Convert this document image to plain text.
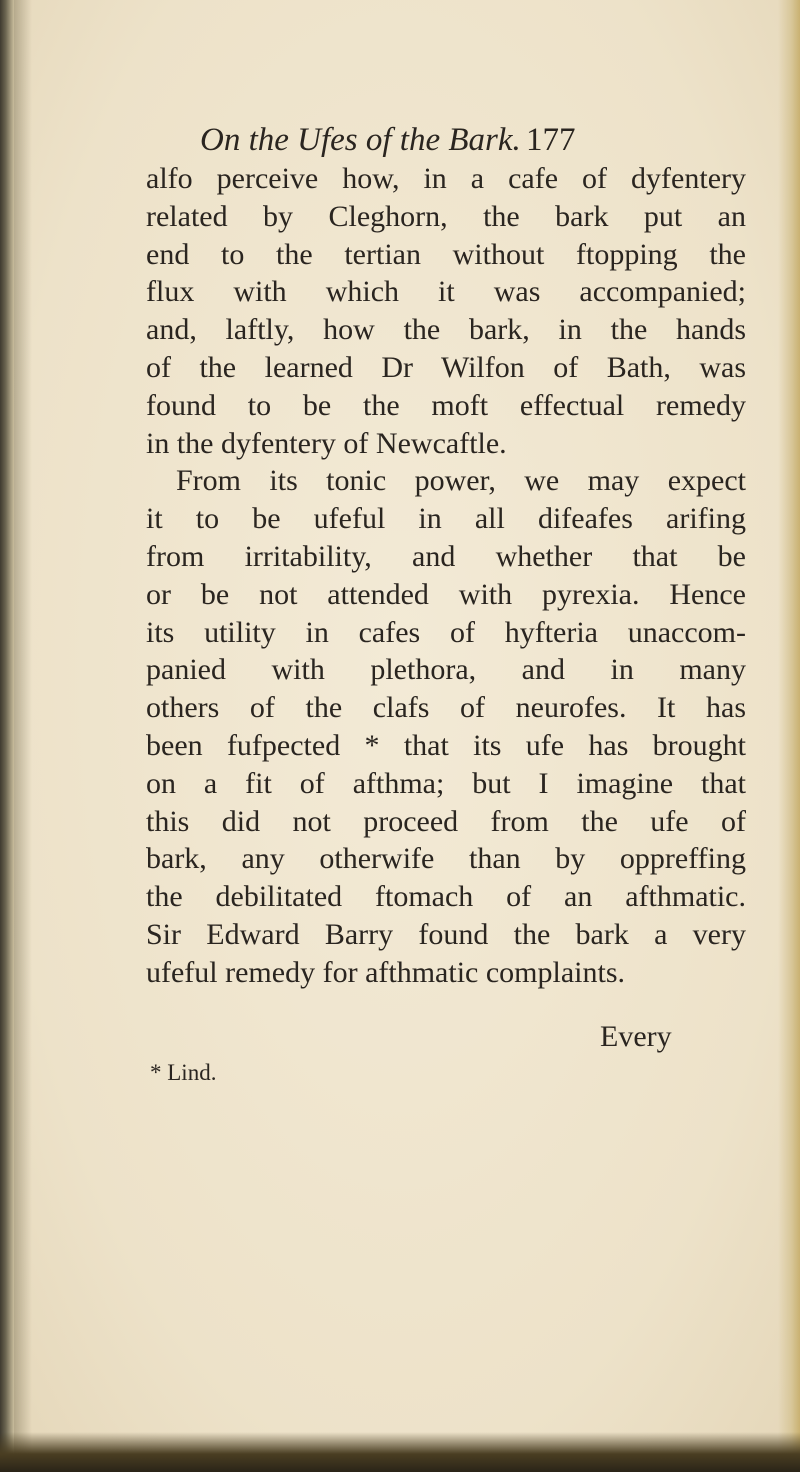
On the Ufes of the Bark. 177
alfo perceive how, in a cafe of dyfentery
related by Cleghorn, the bark put an
end to the tertian without ftopping the
flux with which it was accompanied;
and, laftly, how the bark, in the hands
of the learned Dr Wilfon of Bath, was
found to be the moft effectual remedy
in the dyfentery of Newcaftle.
From its tonic power, we may expect
it to be ufeful in all difeafes arifing
from irritability, and whether that be
or be not attended with pyrexia. Hence
its utility in cafes of hyfteria unaccom-
panied with plethora, and in many
others of the clafs of neurofes. It has
been fufpected * that its ufe has brought
on a fit of afthma; but I imagine that
this did not proceed from the ufe of
bark, any otherwife than by oppreffing
the debilitated ftomach of an afthmatic.
Sir Edward Barry found the bark a very
ufeful remedy for afthmatic complaints.
Every
* Lind.
